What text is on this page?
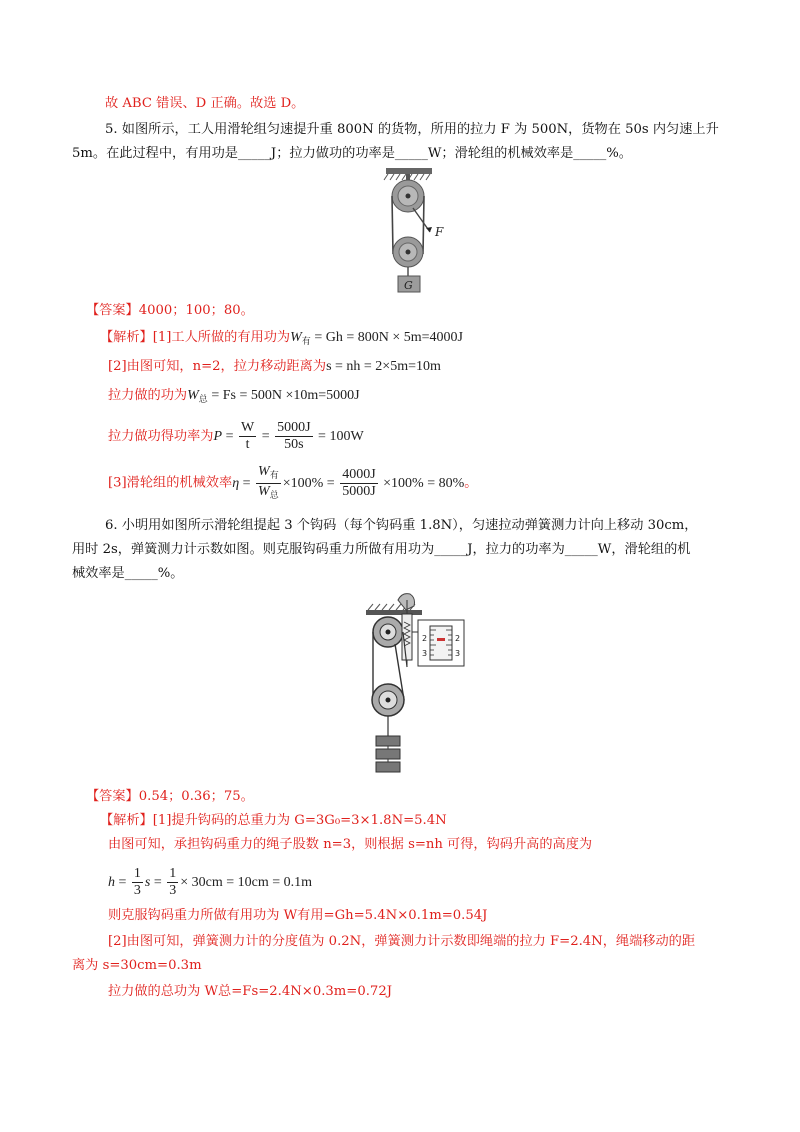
故 ABC 错误、D 正确。故选 D。
5. 如图所示，工人用滑轮组匀速提升重 800N 的货物，所用的拉力 F 为 500N，货物在 50s 内匀速上升
5m。在此过程中，有用功是_____J；拉力做功的功率是_____W；滑轮组的机械效率是_____%。
F
G
【答案】4000；100；80。
【解析】[1]工人所做的有用功为$W_有 = Gh = 800N \times 5m=4000J$
[2]由图可知，n=2，拉力移动距离为s = nh = 2×5m=10m
拉力做的功为$W_总 = Fs = 500N \times 10m=5000J$
拉力做功得功率为$P = \frac{W}{t} = \frac{5000J}{50s} = 100W$
[3]滑轮组的机械效率$\eta = \frac{W_有}{W_总} \times 100\% = \frac{4000J}{5000J} \times 100\% = 80\%$。
6. 小明用如图所示滑轮组提起 3 个钩码（每个钩码重 1.8N），匀速拉动弹簧测力计向上移动 30cm，
用时 2s，弹簧测力计示数如图。则克服钩码重力所做有用功为_____J，拉力的功率为_____W，滑轮组的机
械效率是_____%。
2
3
2
3
【答案】0.54；0.36；75。
【解析】[1]提升钩码的总重力为 G=3G₀=3×1.8N=5.4N
由图可知，承担钩码重力的绳子股数 n=3，则根据 s=nh 可得，钩码升高的高度为
$h = \frac{1}{3}$ $s = \frac{1}{3} \times 30cm = 10cm = 0.1m$
则克服钩码重力所做有用功为 W有用=Gh=5.4N×0.1m=0.54J
[2]由图可知，弹簧测力计的分度值为 0.2N，弹簧测力计示数即绳端的拉力 F=2.4N，绳端移动的距
离为 s=30cm=0.3m
拉力做的总功为 W总=Fs=2.4N×0.3m=0.72J
